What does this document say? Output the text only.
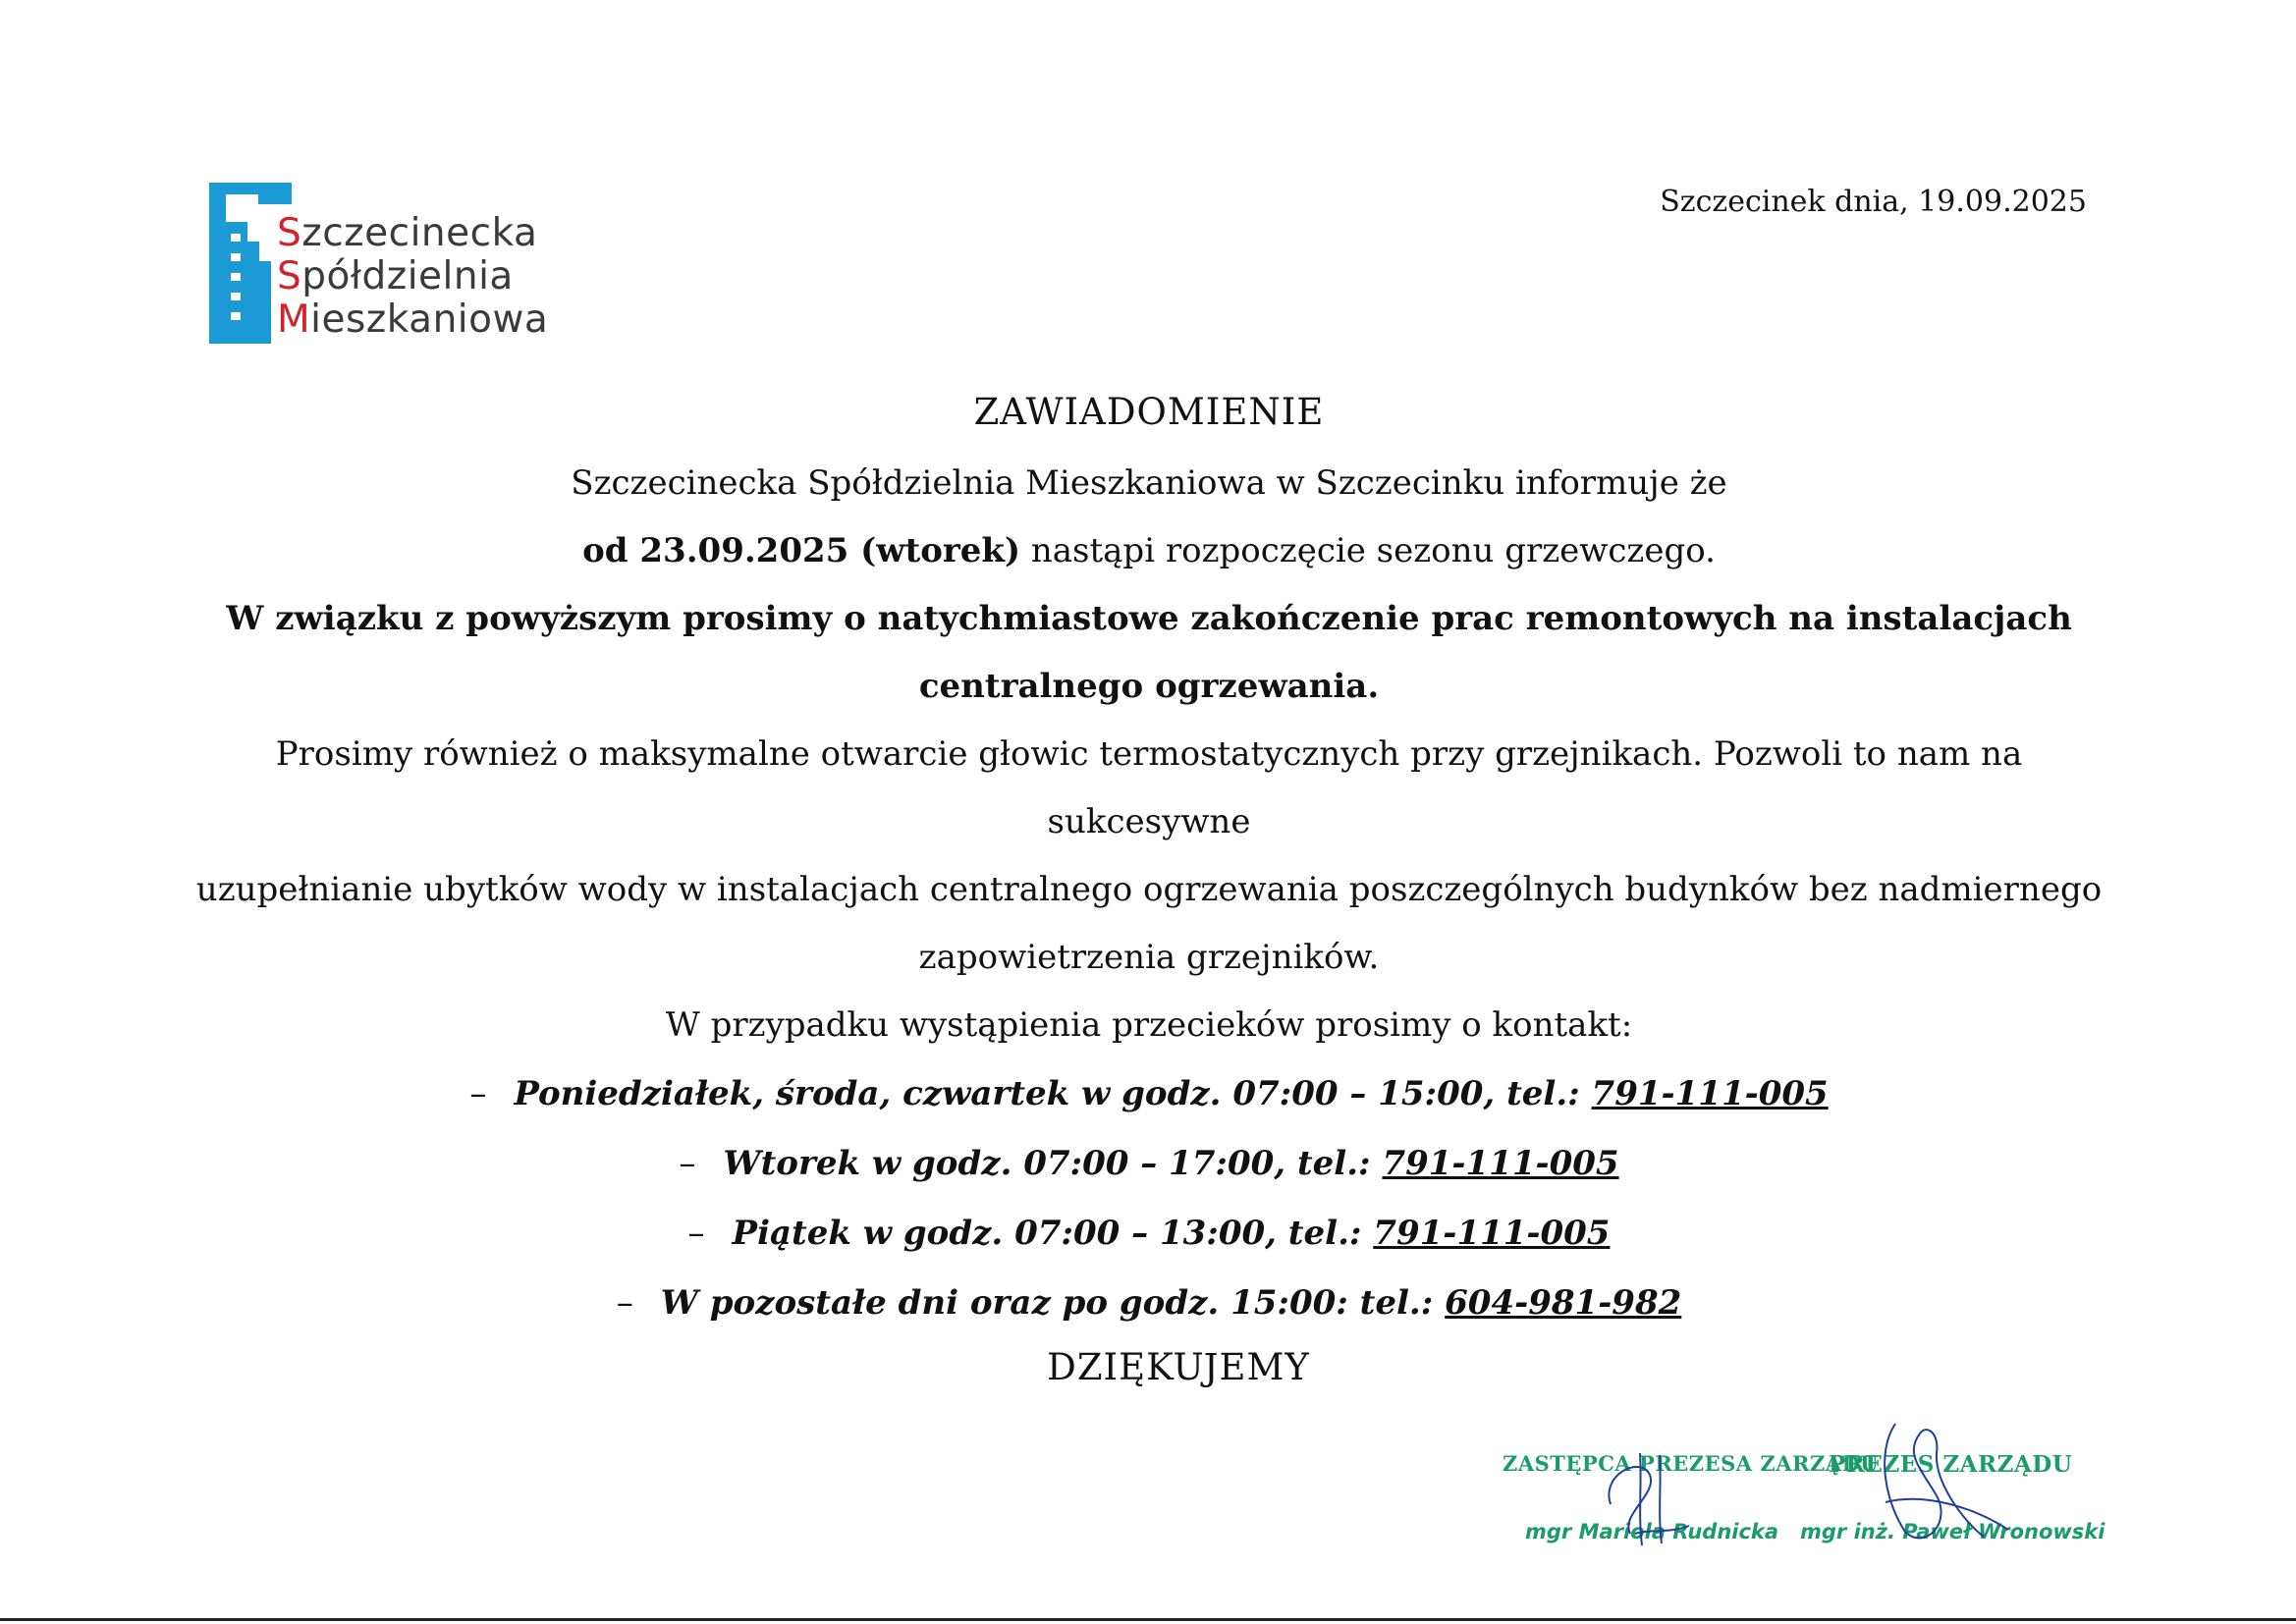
Szczecinecka
Spółdzielnia
Mieszkaniowa
Szczecinek dnia, 19.09.2025

ZAWIADOMIENIE

Szczecinecka Spółdzielnia Mieszkaniowa w Szczecinku informuje że

od 23.09.2025 (wtorek) nastąpi rozpoczęcie sezonu grzewczego.

W związku z powyższym prosimy o natychmiastowe zakończenie prac remontowych na instalacjach

centralnego ogrzewania.

Prosimy również o maksymalne otwarcie głowic termostatycznych przy grzejnikach. Pozwoli to nam na sukcesywne

uzupełnianie ubytków wody w instalacjach centralnego ogrzewania poszczególnych budynków bez nadmiernego

zapowietrzenia grzejników.

W przypadku wystąpienia przecieków prosimy o kontakt:

– Poniedziałek, środa, czwartek w godz. 07:00 – 15:00, tel.: 791-111-005
– Wtorek w godz. 07:00 – 17:00, tel.: 791-111-005
– Piątek w godz. 07:00 – 13:00, tel.: 791-111-005
– W pozostałe dni oraz po godz. 15:00: tel.: 604-981-982

DZIĘKUJEMY

ZASTĘPCA PREZESA ZARZĄDU
mgr Mariola Rudnicka
PREZES ZARZĄDU
mgr inż. Paweł Wronowski
